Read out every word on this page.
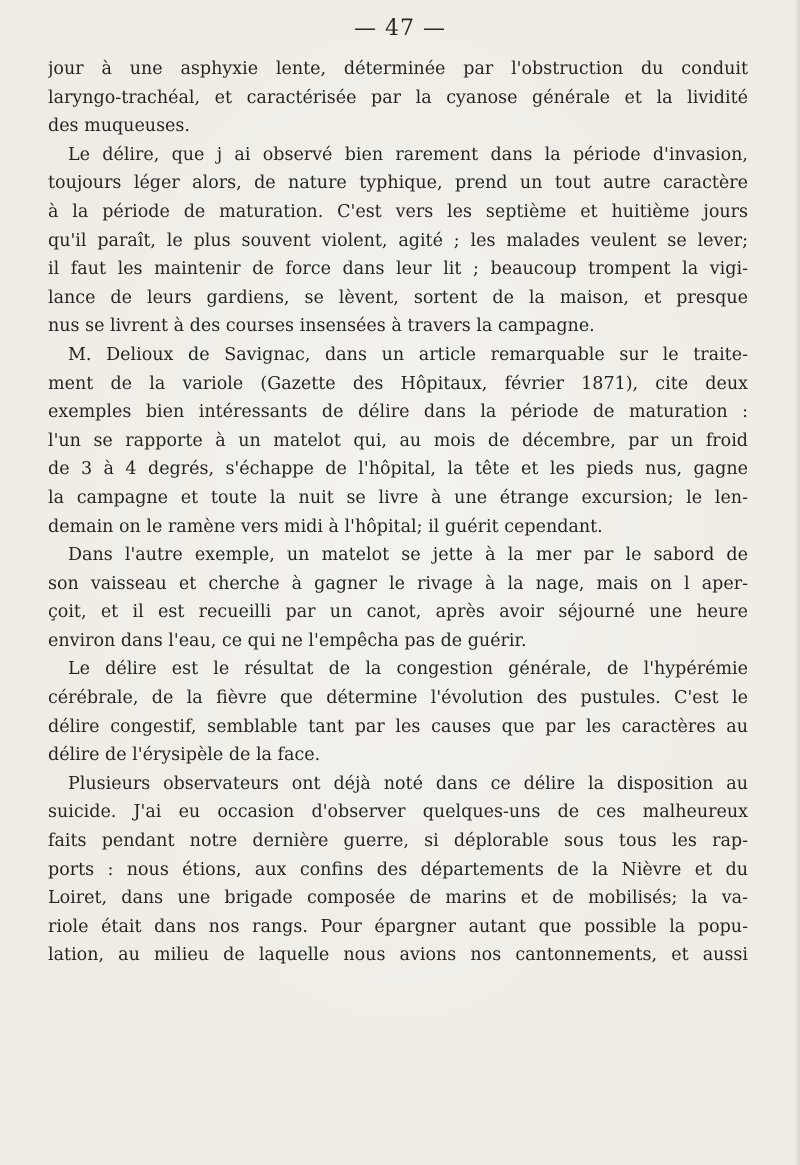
— 47 —
jour à une asphyxie lente, déterminée par l'obstruction du conduit
laryngo-trachéal, et caractérisée par la cyanose générale et la lividité
des muqueuses.
Le délire, que j ai observé bien rarement dans la période d'invasion,
toujours léger alors, de nature typhique, prend un tout autre caractère
à la période de maturation. C'est vers les septième et huitième jours
qu'il paraît, le plus souvent violent, agité ; les malades veulent se lever;
il faut les maintenir de force dans leur lit ; beaucoup trompent la vigi-
lance de leurs gardiens, se lèvent, sortent de la maison, et presque
nus se livrent à des courses insensées à travers la campagne.
M. Delioux de Savignac, dans un article remarquable sur le traite-
ment de la variole (Gazette des Hôpitaux, février 1871), cite deux
exemples bien intéressants de délire dans la période de maturation :
l'un se rapporte à un matelot qui, au mois de décembre, par un froid
de 3 à 4 degrés, s'échappe de l'hôpital, la tête et les pieds nus, gagne
la campagne et toute la nuit se livre à une étrange excursion; le len-
demain on le ramène vers midi à l'hôpital; il guérit cependant.
Dans l'autre exemple, un matelot se jette à la mer par le sabord de
son vaisseau et cherche à gagner le rivage à la nage, mais on l aper-
çoit, et il est recueilli par un canot, après avoir séjourné une heure
environ dans l'eau, ce qui ne l'empêcha pas de guérir.
Le délire est le résultat de la congestion générale, de l'hypérémie
cérébrale, de la fièvre que détermine l'évolution des pustules. C'est le
délire congestif, semblable tant par les causes que par les caractères au
délire de l'érysipèle de la face.
Plusieurs observateurs ont déjà noté dans ce délire la disposition au
suicide. J'ai eu occasion d'observer quelques-uns de ces malheureux
faits pendant notre dernière guerre, si déplorable sous tous les rap-
ports : nous étions, aux confins des départements de la Nièvre et du
Loiret, dans une brigade composée de marins et de mobilisés; la va-
riole était dans nos rangs. Pour épargner autant que possible la popu-
lation, au milieu de laquelle nous avions nos cantonnements, et aussi
